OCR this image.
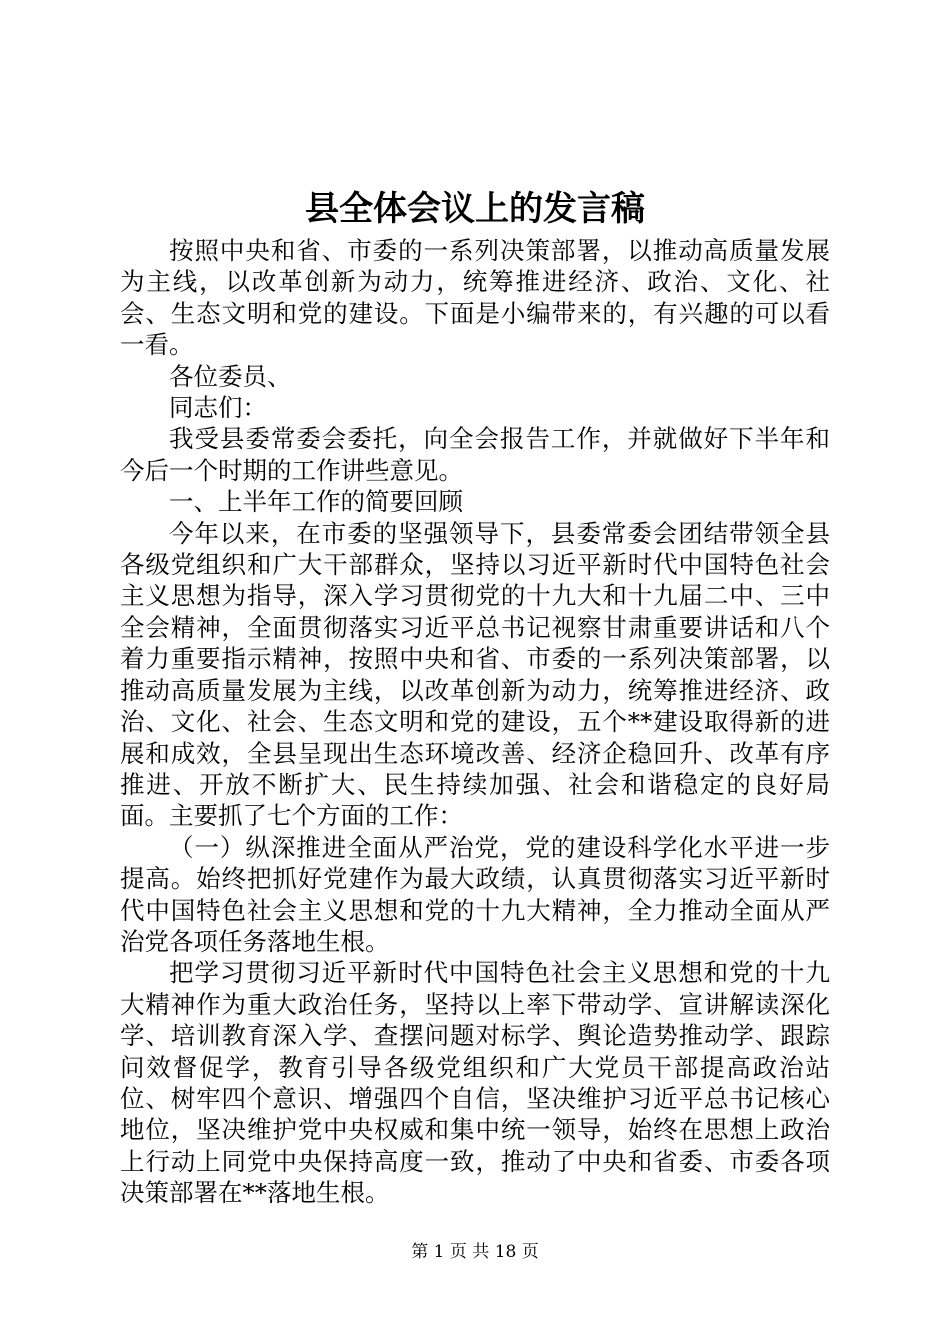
县全体会议上的发言稿

按照中央和省、市委的一系列决策部署，以推动高质量发展为主线，以改革创新为动力，统筹推进经济、政治、文化、社会、生态文明和党的建设。下面是小编带来的，有兴趣的可以看一看。

各位委员、

同志们：

我受县委常委会委托，向全会报告工作，并就做好下半年和今后一个时期的工作讲些意见。

一、上半年工作的简要回顾

今年以来，在市委的坚强领导下，县委常委会团结带领全县各级党组织和广大干部群众，坚持以习近平新时代中国特色社会主义思想为指导，深入学习贯彻党的十九大和十九届二中、三中全会精神，全面贯彻落实习近平总书记视察甘肃重要讲话和八个着力重要指示精神，按照中央和省、市委的一系列决策部署，以推动高质量发展为主线，以改革创新为动力，统筹推进经济、政治、文化、社会、生态文明和党的建设，五个**建设取得新的进展和成效，全县呈现出生态环境改善、经济企稳回升、改革有序推进、开放不断扩大、民生持续加强、社会和谐稳定的良好局面。主要抓了七个方面的工作：

（一）纵深推进全面从严治党，党的建设科学化水平进一步提高。始终把抓好党建作为最大政绩，认真贯彻落实习近平新时代中国特色社会主义思想和党的十九大精神，全力推动全面从严治党各项任务落地生根。

把学习贯彻习近平新时代中国特色社会主义思想和党的十九大精神作为重大政治任务，坚持以上率下带动学、宣讲解读深化学、培训教育深入学、查摆问题对标学、舆论造势推动学、跟踪问效督促学，教育引导各级党组织和广大党员干部提高政治站位、树牢四个意识、增强四个自信，坚决维护习近平总书记核心地位，坚决维护党中央权威和集中统一领导，始终在思想上政治上行动上同党中央保持高度一致，推动了中央和省委、市委各项决策部署在**落地生根。

第 1 页 共 18 页
